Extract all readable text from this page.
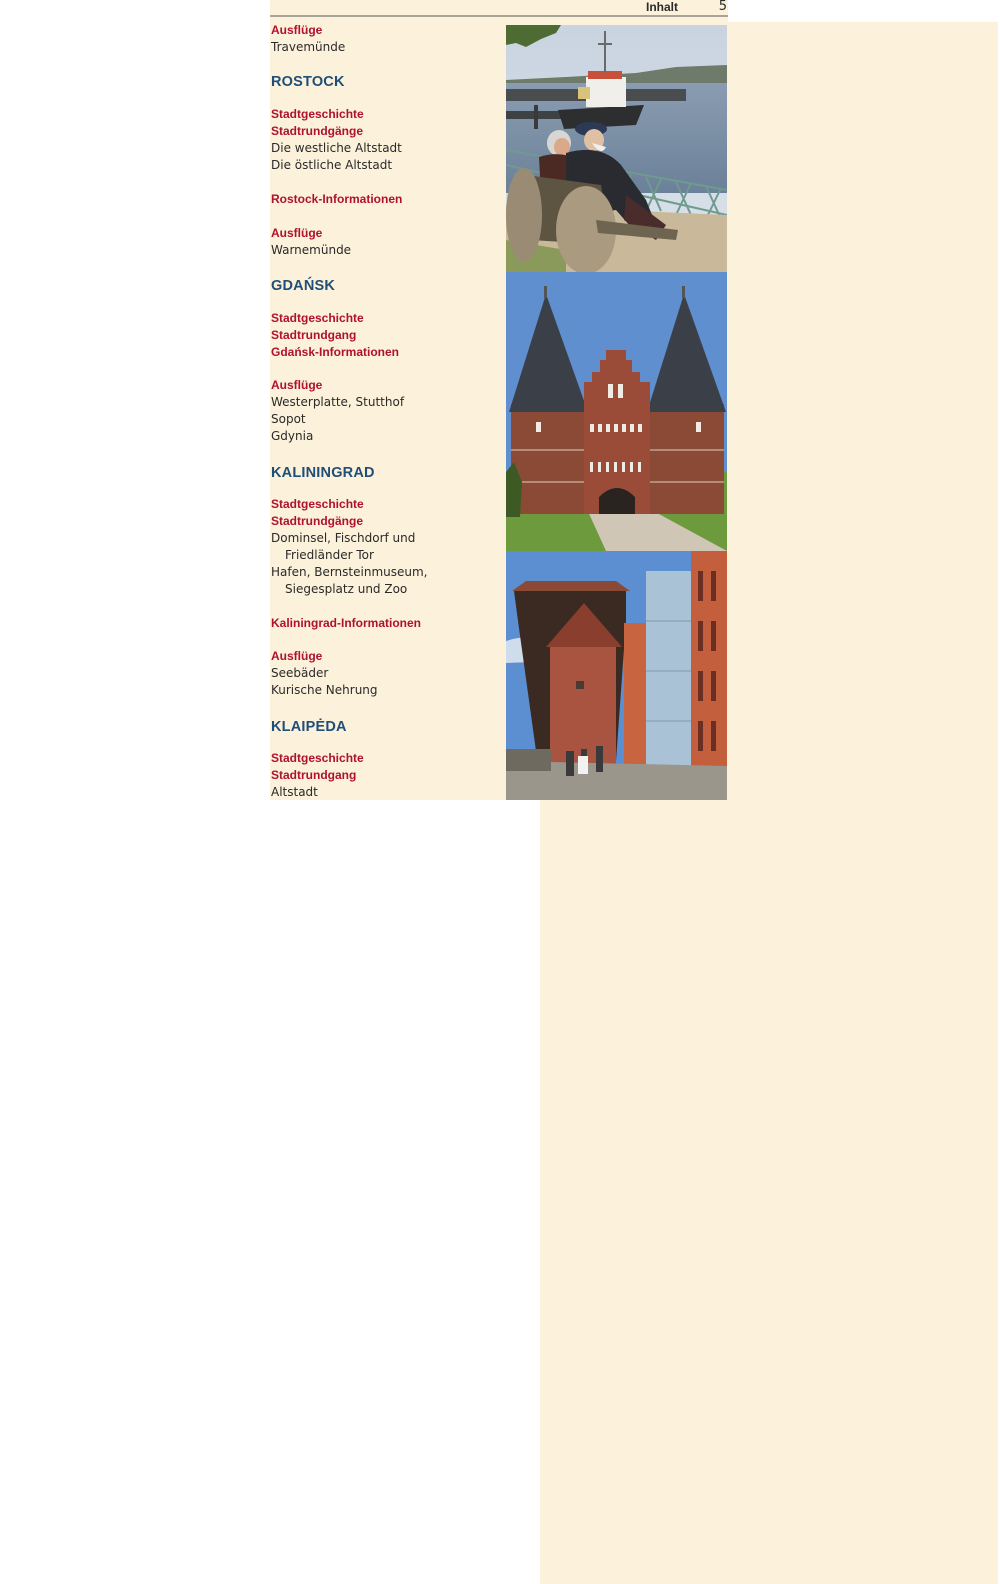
Inhalt	5
Ausflüge
Travemünde
ROSTOCK
Stadtgeschichte
Stadtrundgänge
Die westliche Altstadt
Die östliche Altstadt
Rostock-Informationen
Ausflüge
Warnemünde
GDAŃSK
Stadtgeschichte
Stadtrundgang
Gdańsk-Informationen
Ausflüge
Westerplatte, Stutthof
Sopot
Gdynia
KALININGRAD
Stadtgeschichte
Stadtrundgänge
Dominsel, Fischdorf und
Friedländer Tor
Hafen, Bernsteinmuseum,
Siegesplatz und Zoo
Kaliningrad-Informationen
Ausflüge
Seebäder
Kurische Nehrung
KLAIPĖDA
Stadtgeschichte
Stadtrundgang
Altstadt
